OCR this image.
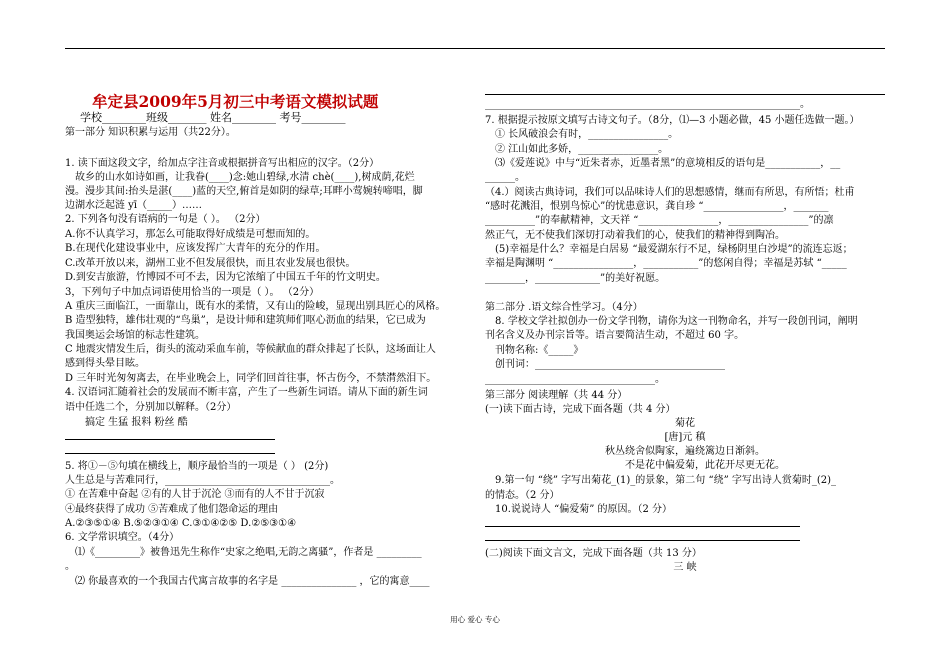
牟定县2009年5月初三中考语文模拟试题
学校________班级_______ 姓名________ 考号________
第一部分 知识积累与运用（共22分）。
1. 读下面这段文字，给加点字注音或根据拼音写出相应的汉字。（2分）
故乡的山水如诗如画，让我眷(____)念:她山碧绿,水清 chè(____),树成荫,花烂
漫。漫步其间:抬头是湛(____)蓝的天空,俯首是如阴的绿草;耳畔小莺婉转啼唱，脚
边湖水泛起涟 yī（_____）……
2. 下列各句没有语病的一句是（ ）。 （2分）
A.你不认真学习，那怎么可能取得好成绩是可想而知的。
B.在现代化建设事业中，应该发挥广大青年的充分的作用。
C.改革开放以来，湖州工业不但发展很快，而且农业发展也很快。
D.到安吉旅游，竹博园不可不去，因为它浓缩了中国五千年的竹文明史。
3，下列句子中加点词语使用恰当的一项是（ ）。 （2分）
A 重庆三面临江，一面靠山，既有水的柔情，又有山的险峻，显现出别具匠心的风格。
B 造型独特，雄伟壮观的“鸟巢”，是设计师和建筑师们呕心沥血的结果，它已成为
我国奥运会场馆的标志性建筑。
C 地震灾情发生后，街头的流动采血车前，等候献血的群众排起了长队，这场面让人
感到得头晕目眩。
D 三年时光匆匆离去，在毕业晚会上，同学们回首往事，怀古伤今，不禁潸然泪下。
4. 汉语词汇随着社会的发展而不断丰富，产生了一些新生词语。请从下面的新生词
语中任选二个，分别加以解释。（2分）
搞定 生猛 报料 粉丝 酷
5. 将①－⑤句填在横线上，顺序最恰当的一项是（ ） (2分)
人生总是与苦难同行，_________________________________。
① 在苦难中奋起 ②有的人甘于沉沦 ③而有的人不甘于沉寂
④最终获得了成功 ⑤苦难成了他们怨命运的理由
A.②③⑤①④ B.⑤②③①④ C.③①④②⑤ D.②⑤③①④
6. 文学常识填空。（4分）
⑴《_________》被鲁迅先生称作“史家之绝唱,无韵之离骚”，作者是 _________
。
⑵ 你最喜欢的一个我国古代寓言故事的名字是 _______________ ，它的寓意____
_______________________________________________________________。
7. 根据提示按原文填写古诗文句子。（8分，⑴—3 小题必做，45 小题任选做一题。）
① 长风破浪会有时，________________。
② 江山如此多娇，________________。
⑶《爱莲说》中与“近朱者赤，近墨者黑”的意境相反的语句是___________，__
______。
（4.）阅读古典诗词，我们可以品味诗人们的思想感情，继而有所思，有所悟；杜甫
“感时花溅泪，恨别鸟惊心”的忧患意识，龚自珍 “________________，_______
__________”的奉献精神，文天祥 “________________，________________”的凛
然正气，无不使我们深切打动着我们的心，使我们的精神得到陶冶。
(5)幸福是什么？幸福是白居易 “最爱湖东行不足，绿杨阴里白沙堤”的流连忘返；
幸福是陶渊明 “________________，___________”的悠闲自得；幸福是苏轼 “_____
________，_____________”的美好祝愿。
第二部分 .语文综合性学习。（4分）
8. 学校文学社拟创办一份文学刊物，请你为这一刊物命名，并写一段创刊词，阐明
刊名含义及办刊宗旨等。语言要简洁生动，不超过 60 字。
刊物名称:《_____》
创刊词：______________________________________
__________________________________。
第三部分 阅读理解（共 44 分）
(一)读下面古诗，完成下面各题（共 4 分）
9.第一句 “绕” 字写出菊花_(1)_的景象，第二句 “绕” 字写出诗人赏菊时_(2)_
的情态。（2 分）
10.说说诗人 “偏爱菊” 的原因。（2 分）
(二)阅读下面文言文，完成下面各题（共 13 分）
菊花
[唐]元 稹
秋丛绕舍似陶家，遍绕篱边日渐斜。
不是花中偏爱菊，此花开尽更无花。
三 峡
用心 爱心 专心
